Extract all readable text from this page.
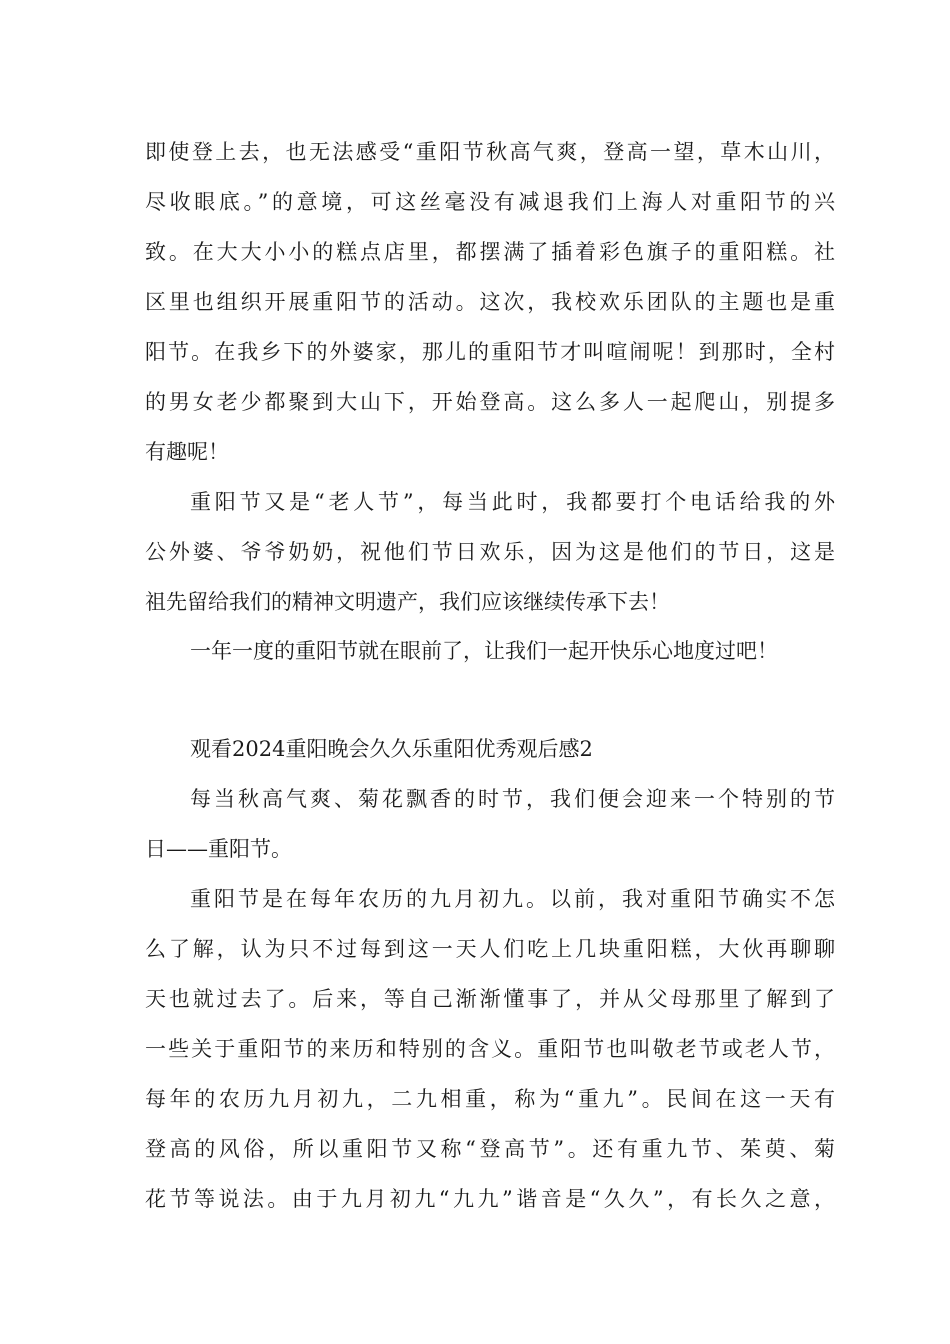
即使登上去，也无法感受“重阳节秋高气爽，登高一望，草木山川，
尽收眼底。”的意境，可这丝毫没有减退我们上海人对重阳节的兴
致。在大大小小的糕点店里，都摆满了插着彩色旗子的重阳糕。社
区里也组织开展重阳节的活动。这次，我校欢乐团队的主题也是重
阳节。在我乡下的外婆家，那儿的重阳节才叫喧闹呢！到那时，全村
的男女老少都聚到大山下，开始登高。这么多人一起爬山，别提多
有趣呢！
重阳节又是“老人节”，每当此时，我都要打个电话给我的外
公外婆、爷爷奶奶，祝他们节日欢乐，因为这是他们的节日，这是
祖先留给我们的精神文明遗产，我们应该继续传承下去！
一年一度的重阳节就在眼前了，让我们一起开快乐心地度过吧！
观看2024重阳晚会久久乐重阳优秀观后感2
每当秋高气爽、菊花飘香的时节，我们便会迎来一个特别的节
日——重阳节。
重阳节是在每年农历的九月初九。以前，我对重阳节确实不怎
么了解，认为只不过每到这一天人们吃上几块重阳糕，大伙再聊聊
天也就过去了。后来，等自己渐渐懂事了，并从父母那里了解到了
一些关于重阳节的来历和特别的含义。重阳节也叫敬老节或老人节，
每年的农历九月初九，二九相重，称为“重九”。民间在这一天有
登高的风俗，所以重阳节又称“登高节”。还有重九节、茱萸、菊
花节等说法。由于九月初九“九九”谐音是“久久”，有长久之意，
